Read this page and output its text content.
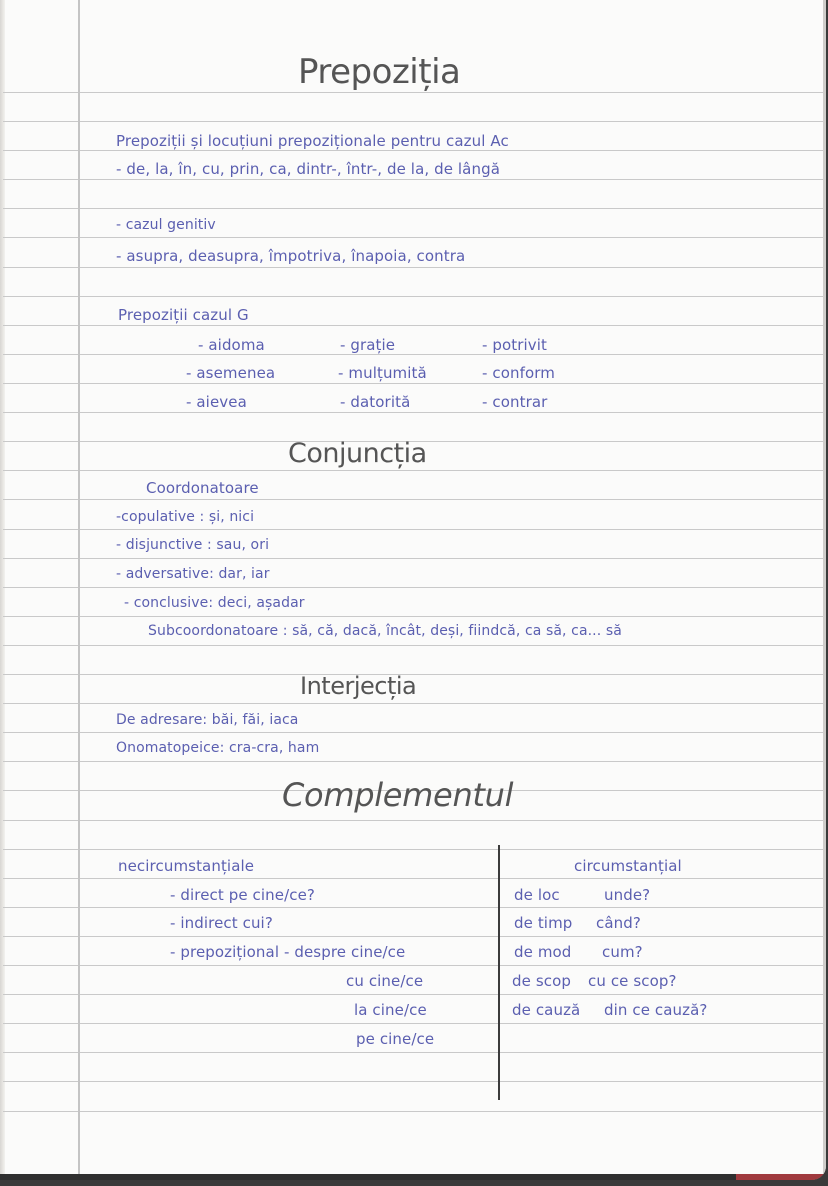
Prepoziția
Prepoziții și locuțiuni prepoziționale pentru cazul Ac
- de, la, în, cu, prin, ca, dintr-, într-, de la, de lângă
- cazul genitiv
- asupra, deasupra, împotriva, înapoia, contra
Prepoziții cazul G
- aidoma
- asemenea
- aievea
- grație
- mulțumită
- datorită
- potrivit
- conform
- contrar
Conjuncția
Coordonatoare
-copulative : și, nici
- disjunctive : sau, ori
- adversative: dar, iar
- conclusive: deci, așadar
Subcoordonatoare : să, că, dacă, încât, deși, fiindcă, ca să, ca... să
Interjecția
De adresare: băi, făi, iaca
Onomatopeice: cra-cra, ham
Complementul
necircumstanțiale
- direct pe cine/ce?
- indirect cui?
- prepozițional - despre cine/ce
cu cine/ce
la cine/ce
pe cine/ce
circumstanțial
de loc	unde?
de timp când?
de mod cum?
de scop cu ce scop?
de cauză din ce cauză?
